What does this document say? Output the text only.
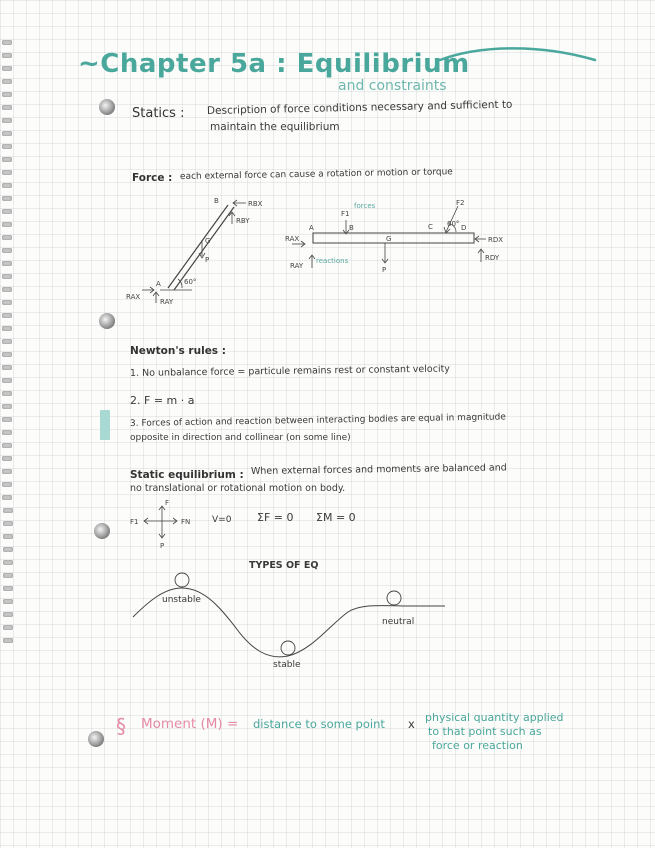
~Chapter 5a : Equilibrium
and constraints
Statics : Description of force conditions necessary and sufficient to
maintain the equilibrium
Force : each external force can cause a rotation or motion or torque
B	RBX
RBY
G
P
A	60°
RAX
RAY
F1
forces	F2
60°
A	B	C	D
G
RAX
RAY
reactions
P
RDX
RDY
F1	FN
F
P
§
Newton's rules :
1. No unbalance force = particule remains rest or constant velocity
2. F = m · a
3. Forces of action and reaction between interacting bodies are equal in magnitude
opposite in direction and collinear (on some line)
Static equilibrium : When external forces and moments are balanced and
no translational or rotational motion on body.
V=0 ΣF = 0 ΣM = 0
TYPES OF EQ
unstable
neutral
stable
Moment (M) = distance to some point x physical quantity applied
to that point such as
force or reaction
